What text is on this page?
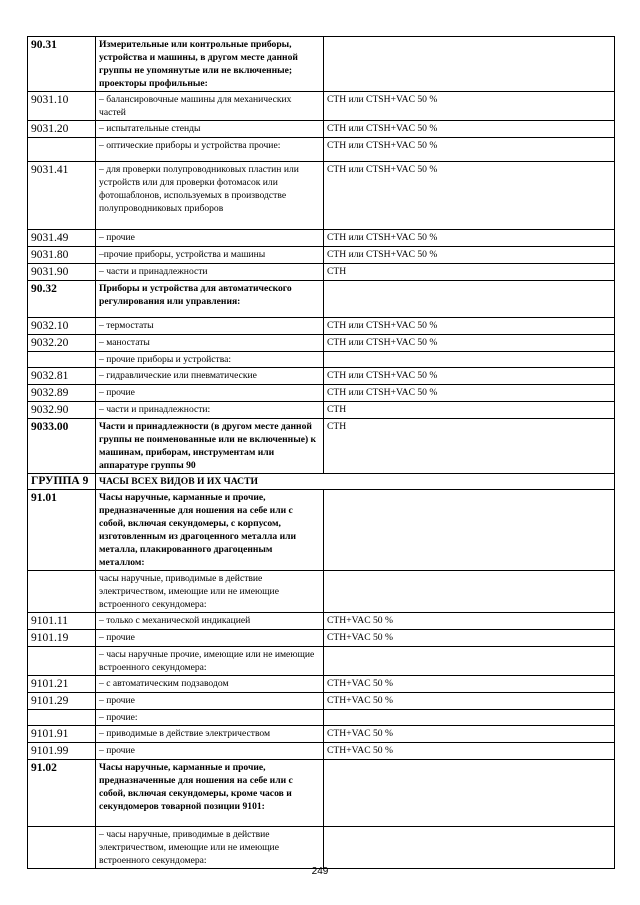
90.31	Измерительные или контрольные приборы, устройства и машины, в другом месте данной группы не упомянутые или не включенные; проекторы профильные:	
9031.10	– балансировочные машины для механических частей	СТН или CTSH+VAC 50 %
9031.20	– испытательные стенды	СТН или CTSH+VAC 50 %
	– оптические приборы и устройства прочие:	СТН или CTSH+VAC 50 %
9031.41	– для проверки полупроводниковых пластин или устройств или для проверки фотомасок или фотошаблонов, используемых в производстве полупроводниковых приборов	СТН или CTSH+VAC 50 %
9031.49	– прочие	СТН или CTSH+VAC 50 %
9031.80	–прочие приборы, устройства и машины	СТН или CTSH+VAC 50 %
9031.90	– части и принадлежности	СТН
90.32	Приборы и устройства для автоматического регулирования или управления:	
9032.10	– термостаты	СТН или CTSH+VAC 50 %
9032.20	– маностаты	СТН или CTSH+VAC 50 %
	– прочие приборы и устройства:	
9032.81	– гидравлические или пневматические	СТН или CTSH+VAC 50 %
9032.89	– прочие	СТН или CTSH+VAC 50 %
9032.90	– части и принадлежности:	СТН
9033.00	Части и принадлежности (в другом месте данной группы не поименованные или не включенные) к машинам, приборам, инструментам или аппаратуре группы 90	СТН
ГРУППА 9	ЧАСЫ ВСЕХ ВИДОВ И ИХ ЧАСТИ	
91.01	Часы наручные, карманные и прочие, предназначенные для ношения на себе или с собой, включая секундомеры, с корпусом, изготовленным из драгоценного металла или металла, плакированного драгоценным металлом:	
	часы наручные, приводимые в действие электричеством, имеющие или не имеющие встроенного секундомера:	
9101.11	– только с механической индикацией	СТН+VAC 50 %
9101.19	– прочие	СТН+VAC 50 %
	– часы наручные прочие, имеющие или не имеющие встроенного секундомера:	
9101.21	– с автоматическим подзаводом	СТН+VAC 50 %
9101.29	– прочие	СТН+VAC 50 %
	– прочие:	
9101.91	– приводимые в действие электричеством	СТН+VAC 50 %
9101.99	– прочие	СТН+VAC 50 %
91.02	Часы наручные, карманные и прочие, предназначенные для ношения на себе или с собой, включая секундомеры, кроме часов и секундомеров товарной позиции 9101:	
	– часы наручные, приводимые в действие электричеством, имеющие или не имеющие встроенного секундомера:	
249
